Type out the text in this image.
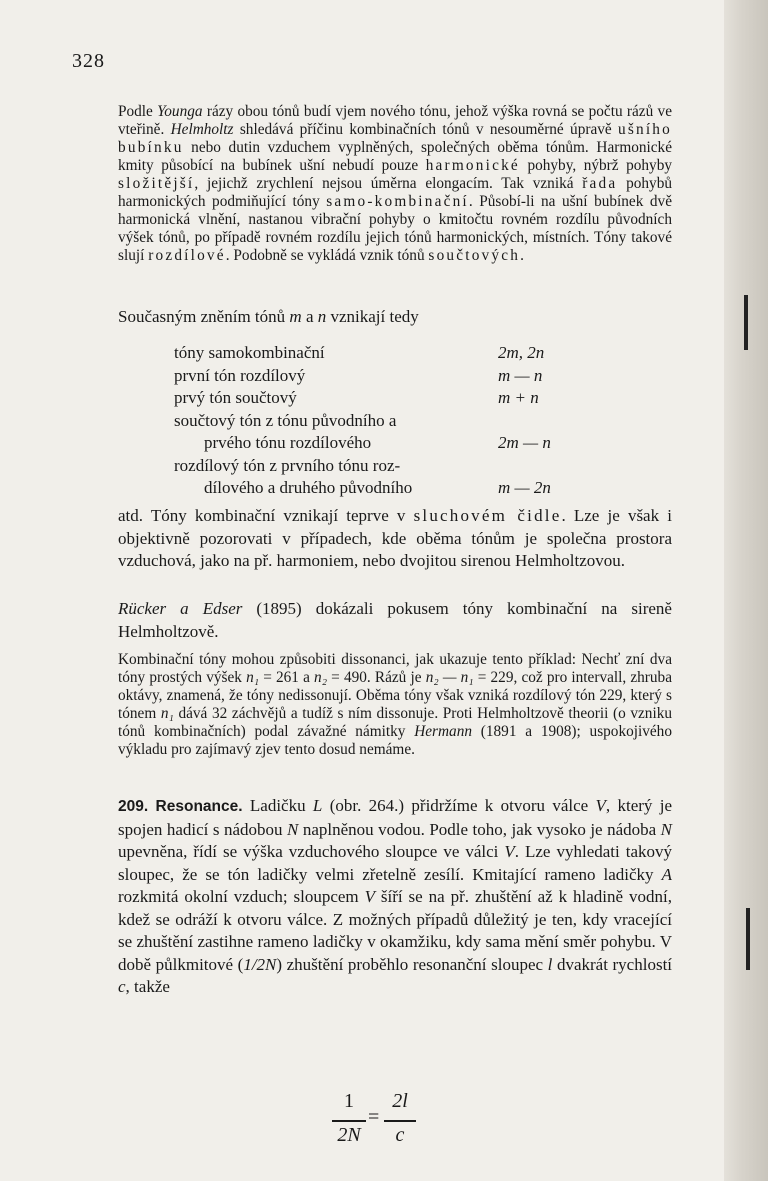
328

Podle Younga rázy obou tónů budí vjem nového tónu, jehož výška rovná se počtu rázů ve vteřině. Helmholtz shledává příčinu kombinačních tónů v nesouměrné úpravě ušního bubínku nebo dutin vzduchem vyplněných, společných oběma tónům. Harmonické kmity působící na bubínek ušní nebudí pouze harmonické pohyby, nýbrž pohyby složitější, jejichž zrychlení nejsou úměrna elongacím. Tak vzniká řada pohybů harmonických podmiňující tóny samo-kombinační. Působí-li na ušní bubínek dvě harmonická vlnění, nastanou vibrační pohyby o kmitočtu rovném rozdílu původních výšek tónů, po případě rovném rozdílu jejich tónů harmonických, místních. Tóny takové slují rozdílové. Podobně se vykládá vznik tónů součtových.

Současným zněním tónů m a n vznikají tedy

tóny samokombinační	2m, 2n
první tón rozdílový	m — n
prvý tón součtový	m + n
součtový tón z tónu původního a
prvého tónu rozdílového	2m — n
rozdílový tón z prvního tónu roz-
dílového a druhého původního	m — 2n

atd. Tóny kombinační vznikají teprve v sluchovém čidle. Lze je však i objektivně pozorovati v případech, kde oběma tónům je společna prostora vzduchová, jako na př. harmoniem, nebo dvojitou sirenou Helmholtzovou.

Rücker a Edser (1895) dokázali pokusem tóny kombinační na sireně Helmholtzově.

Kombinační tóny mohou způsobiti dissonanci, jak ukazuje tento příklad: Nechť zní dva tóny prostých výšek n₁ = 261 a n₂ = 490. Rázů je n₂ — n₁ = 229, což pro intervall, zhruba oktávy, znamená, že tóny nedissonují. Oběma tóny však vzniká rozdílový tón 229, který s tónem n₁ dává 32 záchvějů a tudíž s ním dissonuje. Proti Helmholtzově theorii (o vzniku tónů kombinačních) podal závažné námitky Hermann (1891 a 1908); uspokojivého výkladu pro zajímavý zjev tento dosud nemáme.

209. Resonance. Ladičku L (obr. 264.) přidržíme k otvoru válce V, který je spojen hadicí s nádobou N naplněnou vodou. Podle toho, jak vysoko je nádoba N upevněna, řídí se výška vzduchového sloupce ve válci V. Lze vyhledati takový sloupec, že se tón ladičky velmi zřetelně zesílí. Kmitající rameno ladičky A rozkmitá okolní vzduch; sloupcem V šíří se na př. zhuštění až k hladině vodní, kdež se odráží k otvoru válce. Z možných případů důležitý je ten, kdy vracející se zhuštění zastihne rameno ladičky v okamžiku, kdy sama mění směr pohybu. V době půlkmitové (1/2N) zhuštění proběhlo resonanční sloupec l dvakrát rychlostí c, takže

1
2N
=
2l
c
